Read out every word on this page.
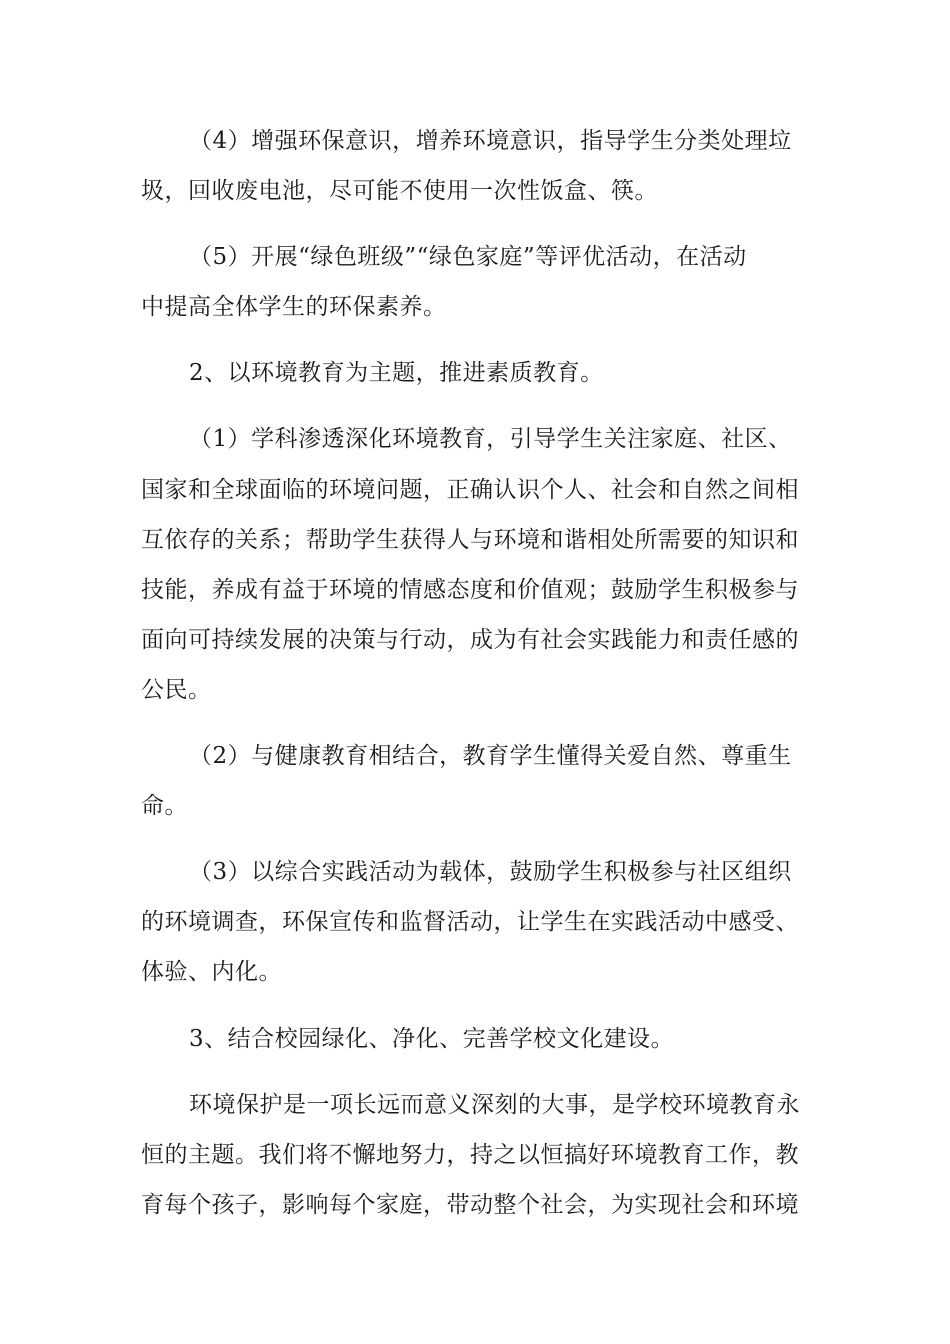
（4）增强环保意识，增养环境意识，指导学生分类处理垃
圾，回收废电池，尽可能不使用一次性饭盒、筷。
（5）开展“绿色班级”“绿色家庭”等评优活动，在活动
中提高全体学生的环保素养。
2、以环境教育为主题，推进素质教育。
（1）学科渗透深化环境教育，引导学生关注家庭、社区、
国家和全球面临的环境问题，正确认识个人、社会和自然之间相
互依存的关系；帮助学生获得人与环境和谐相处所需要的知识和
技能，养成有益于环境的情感态度和价值观；鼓励学生积极参与
面向可持续发展的决策与行动，成为有社会实践能力和责任感的
公民。
（2）与健康教育相结合，教育学生懂得关爱自然、尊重生
命。
（3）以综合实践活动为载体，鼓励学生积极参与社区组织
的环境调查，环保宣传和监督活动，让学生在实践活动中感受、
体验、内化。
3、结合校园绿化、净化、完善学校文化建设。
环境保护是一项长远而意义深刻的大事，是学校环境教育永
恒的主题。我们将不懈地努力，持之以恒搞好环境教育工作，教
育每个孩子，影响每个家庭，带动整个社会，为实现社会和环境
